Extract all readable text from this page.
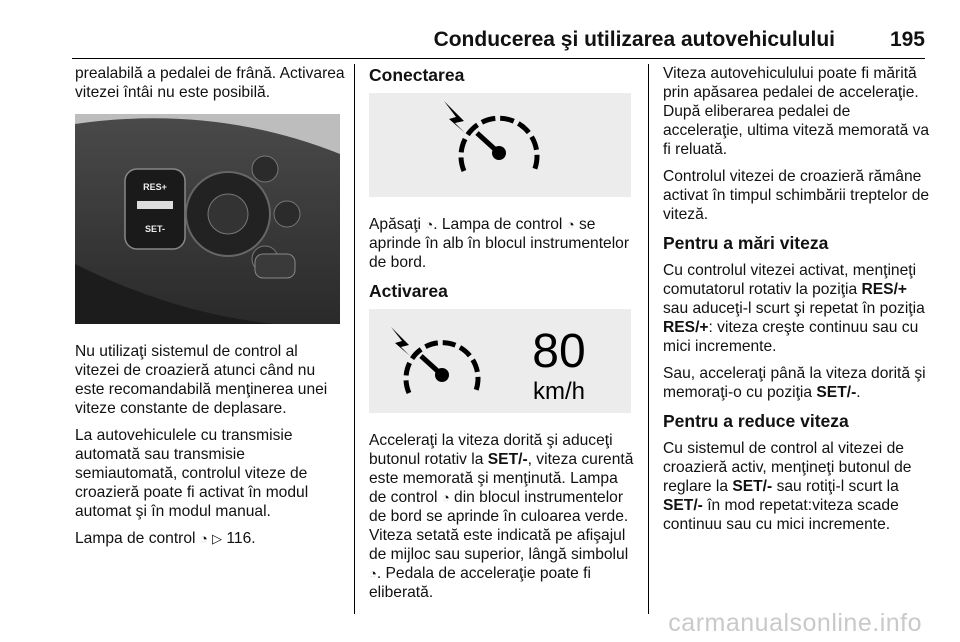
Conducerea şi utilizarea autovehiculului	195

prealabilă a pedalei de frână. Activarea vitezei întâi nu este posibilă.

RES+
SET-

Nu utilizaţi sistemul de control al vitezei de croazieră atunci când nu este recomandabilă menţinerea unei viteze constante de deplasare.

La autovehiculele cu transmisie automată sau transmisie semiautomată, controlul viteze de croazieră poate fi activat în modul automat şi în modul manual.

Lampa de control ◔ ▷ 116.

Conectarea

Apăsaţi ◔. Lampa de control ◔ se aprinde în alb în blocul instrumentelor de bord.

Activarea
80
km/h

Acceleraţi la viteza dorită şi aduceţi butonul rotativ la SET/-, viteza curentă este memorată şi menţinută. Lampa de control ◔ din blocul instrumentelor de bord se aprinde în culoarea verde. Viteza setată este indicată pe afişajul de mijloc sau superior, lângă simbolul ◔. Pedala de acceleraţie poate fi eliberată.

Viteza autovehiculului poate fi mărită prin apăsarea pedalei de acceleraţie. După eliberarea pedalei de acceleraţie, ultima viteză memorată va fi reluată.

Controlul vitezei de croazieră rămâne activat în timpul schimbării treptelor de viteză.

Pentru a mări viteza

Cu controlul vitezei activat, menţineţi comutatorul rotativ la poziţia RES/+ sau aduceţi-l scurt şi repetat în poziţia RES/+: viteza creşte continuu sau cu mici incremente.

Sau, acceleraţi până la viteza dorită şi memoraţi-o cu poziţia SET/-.

Pentru a reduce viteza

Cu sistemul de control al vitezei de croazieră activ, menţineţi butonul de reglare la SET/- sau rotiţi-l scurt la SET/- în mod repetat:viteza scade continuu sau cu mici incremente.

carmanualsonline.info
